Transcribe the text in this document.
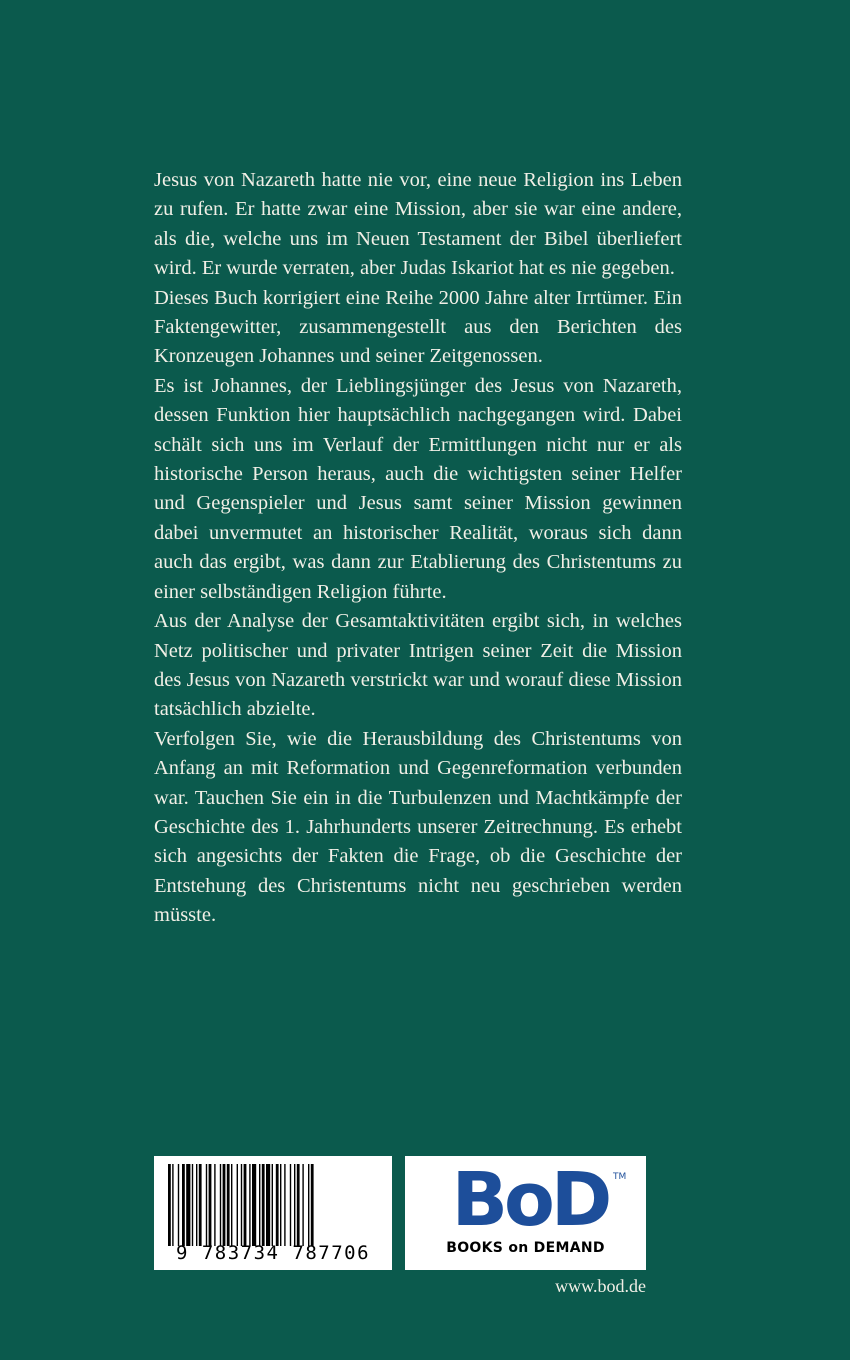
Jesus von Nazareth hatte nie vor, eine neue Religion ins Leben zu rufen. Er hatte zwar eine Mission, aber sie war eine andere, als die, welche uns im Neuen Testament der Bibel überliefert wird. Er wurde verraten, aber Judas Iskariot hat es nie gegeben.

Dieses Buch korrigiert eine Reihe 2000 Jahre alter Irrtümer. Ein Faktengewitter, zusammengestellt aus den Berichten des Kronzeugen Johannes und seiner Zeitgenossen.

Es ist Johannes, der Lieblingsjünger des Jesus von Nazareth, dessen Funktion hier hauptsächlich nachgegangen wird. Dabei schält sich uns im Verlauf der Ermittlungen nicht nur er als historische Person heraus, auch die wichtigsten seiner Helfer und Gegenspieler und Jesus samt seiner Mission gewinnen dabei unvermutet an historischer Realität, woraus sich dann auch das ergibt, was dann zur Etablierung des Christentums zu einer selbständigen Religion führte.

Aus der Analyse der Gesamtaktivitäten ergibt sich, in welches Netz politischer und privater Intrigen seiner Zeit die Mission des Jesus von Nazareth verstrickt war und worauf diese Mission tatsächlich abzielte.

Verfolgen Sie, wie die Herausbildung des Christentums von Anfang an mit Reformation und Gegenreformation verbunden war. Tauchen Sie ein in die Turbulenzen und Machtkämpfe der Geschichte des 1. Jahrhunderts unserer Zeitrechnung. Es erhebt sich angesichts der Fakten die Frage, ob die Geschichte der Entstehung des Christentums nicht neu geschrieben werden müsste.

9 783734 787706
BoD TM
BOOKS on DEMAND
www.bod.de
